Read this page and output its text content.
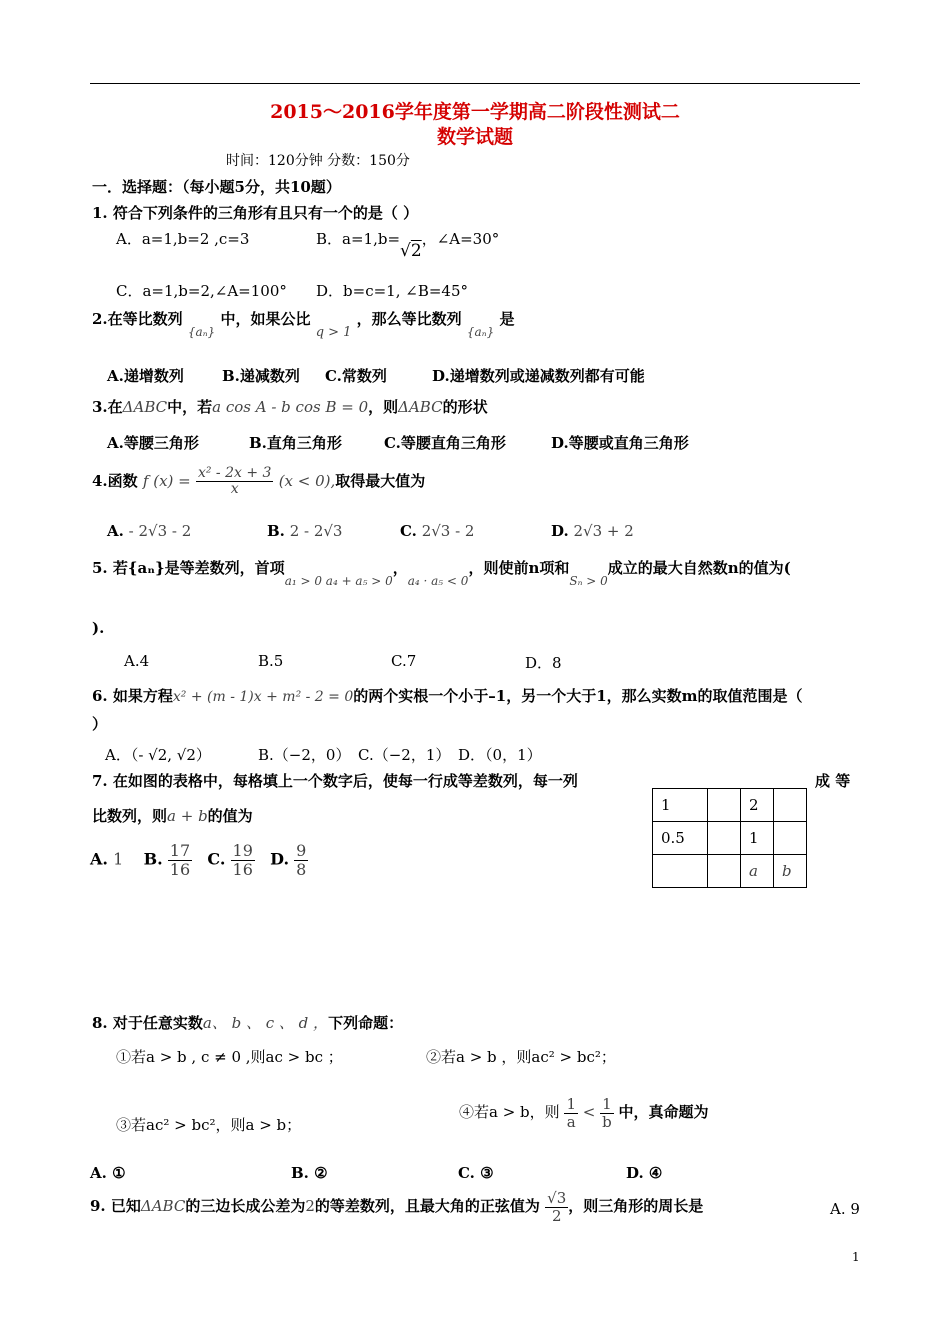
2015～2016学年度第一学期高二阶段性测试二
数学试题
时间：120分钟 分数：150分
一．选择题：（每小题5分，共10题）
1. 符合下列条件的三角形有且只有一个的是（ ）
A．a=1,b=2 ,c=3	B．a=1,b=√2，∠A=30°
C．a=1,b=2,∠A=100° D．b=c=1, ∠B=45°
2.在等比数列 $_{\{a_n\}}$ 中，如果公比 q > 1 ，那么等比数列 $_{\{a_n\}}$ 是
A.递增数列	B.递减数列 C.常数列	D.递增数列或递减数列都有可能
3.在ΔABC中，若a cos A - b cos B = 0，则ΔABC的形状
A.等腰三角形	B.直角三角形	C.等腰直角三角形	D.等腰或直角三角形
4.函数 f $(x) = \frac{\text{x² - 2x + 3}}{x} (x < 0)$,取得最大值为
A. - 2√3 - 2	B. 2 - 2√3	C. 2√3 - 2	D. 2√3 + 2
5. 若{aₙ}是等差数列，首项$_{a_1 > 0 a_4 + a_5 > 0}$，$_{a_4 \cdot a_5 < 0}$，则使前n项和$_{S_n > 0}$成立的最大自然数n的值为(
).
A.4	B.5	C.7	D．8
6. 如果方程x² + (m - 1)x + m² - 2 = 0的两个实根一个小于–1，另一个大于1，那么实数m的取值范围是（
）
A．（- √2, √2）	B.（−2，0） C.（−2，1） D．（0，1）
7. 在如图的表格中，每格填上一个数字后，使每一行成等差数列，每一列	成 等
比数列，则a + b的值为
A. 1 B. $\frac{17}{16} C$. $\frac{19}{16} D$. $\frac{9}{8}$
1		2	
0.5		1	
		a	b
8. 对于任意实数a、 b 、 c 、 d ，下列命题：
①若a > b , c ≠ 0 ,则ac > bc ；	②若a > b ，则ac² > bc²；
③若ac² > bc²，则a > b；
④若a > b，则 $\frac{1}{a} < \frac{1}{b}$ 中，真命题为
A. ①	B. ②	C. ③	D. ④
9. 已知ΔABC的三边长成公差为2的等差数列，且最大角的正弦值为 $\frac{√3}{2}$ ，则三角形的周长是	A. 9
1
